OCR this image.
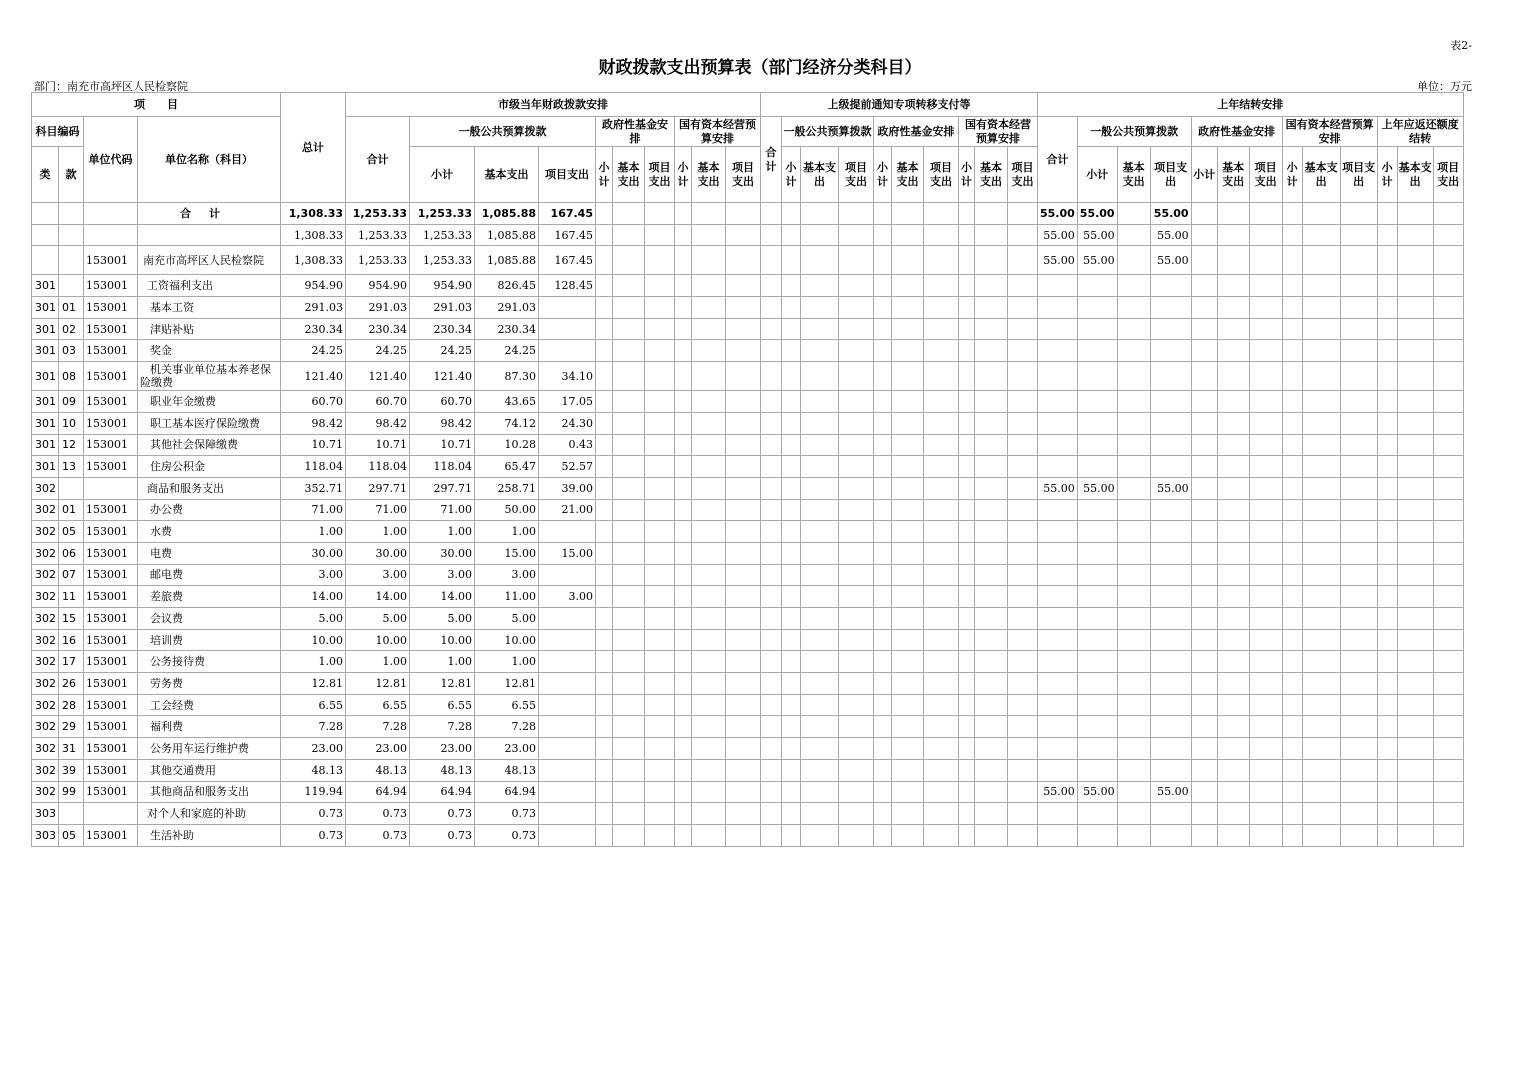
表2-
财政拨款支出预算表（部门经济分类科目）
部门：南充市高坪区人民检察院	单位：万元
项　　目				总计	市级当年财政拨款安排										上级提前通知专项转移支付等										上年结转安排												
科目编码		单位代码	单位名称（科目）		合计	一般公共预算拨款			政府性基金安排			国有资本经营预算安排			合计	一般公共预算拨款			政府性基金安排			国有资本经营预算安排			合计	一般公共预算拨款			政府性基金安排			国有资本经营预算安排			上年应返还额度结转		
类	款					小计	基本支出	项目支出	小计	基本支出	项目支出	小计	基本支出	项目支出		小计	基本支出	项目支出	小计	基本支出	项目支出	小计	基本支出	项目支出		小计	基本支出	项目支出	小计	基本支出	项目支出	小计	基本支出	项目支出	小计	基本支出	项目支出
			合计	1,308.33	1,253.33	1,253.33	1,085.88	167.45																	55.00	55.00		55.00									
				1,308.33	1,253.33	1,253.33	1,085.88	167.45																	55.00	55.00		55.00									
		153001	南充市高坪区人民检察院	1,308.33	1,253.33	1,253.33	1,085.88	167.45																	55.00	55.00		55.00									
301		153001	工资福利支出	954.90	954.90	954.90	826.45	128.45																													
301	01	153001	基本工资	291.03	291.03	291.03	291.03																														
301	02	153001	津贴补贴	230.34	230.34	230.34	230.34																														
301	03	153001	奖金	24.25	24.25	24.25	24.25																														
301	08	153001	机关事业单位基本养老保险缴费	121.40	121.40	121.40	87.30	34.10																													
301	09	153001	职业年金缴费	60.70	60.70	60.70	43.65	17.05																													
301	10	153001	职工基本医疗保险缴费	98.42	98.42	98.42	74.12	24.30																													
301	12	153001	其他社会保障缴费	10.71	10.71	10.71	10.28	0.43																													
301	13	153001	住房公积金	118.04	118.04	118.04	65.47	52.57																													
302			商品和服务支出	352.71	297.71	297.71	258.71	39.00																	55.00	55.00		55.00									
302	01	153001	办公费	71.00	71.00	71.00	50.00	21.00																													
302	05	153001	水费	1.00	1.00	1.00	1.00																														
302	06	153001	电费	30.00	30.00	30.00	15.00	15.00																													
302	07	153001	邮电费	3.00	3.00	3.00	3.00																														
302	11	153001	差旅费	14.00	14.00	14.00	11.00	3.00																													
302	15	153001	会议费	5.00	5.00	5.00	5.00																														
302	16	153001	培训费	10.00	10.00	10.00	10.00																														
302	17	153001	公务接待费	1.00	1.00	1.00	1.00																														
302	26	153001	劳务费	12.81	12.81	12.81	12.81																														
302	28	153001	工会经费	6.55	6.55	6.55	6.55																														
302	29	153001	福利费	7.28	7.28	7.28	7.28																														
302	31	153001	公务用车运行维护费	23.00	23.00	23.00	23.00																														
302	39	153001	其他交通费用	48.13	48.13	48.13	48.13																														
302	99	153001	其他商品和服务支出	119.94	64.94	64.94	64.94																		55.00	55.00		55.00									
303			对个人和家庭的补助	0.73	0.73	0.73	0.73																														
303	05	153001	生活补助	0.73	0.73	0.73	0.73																														
